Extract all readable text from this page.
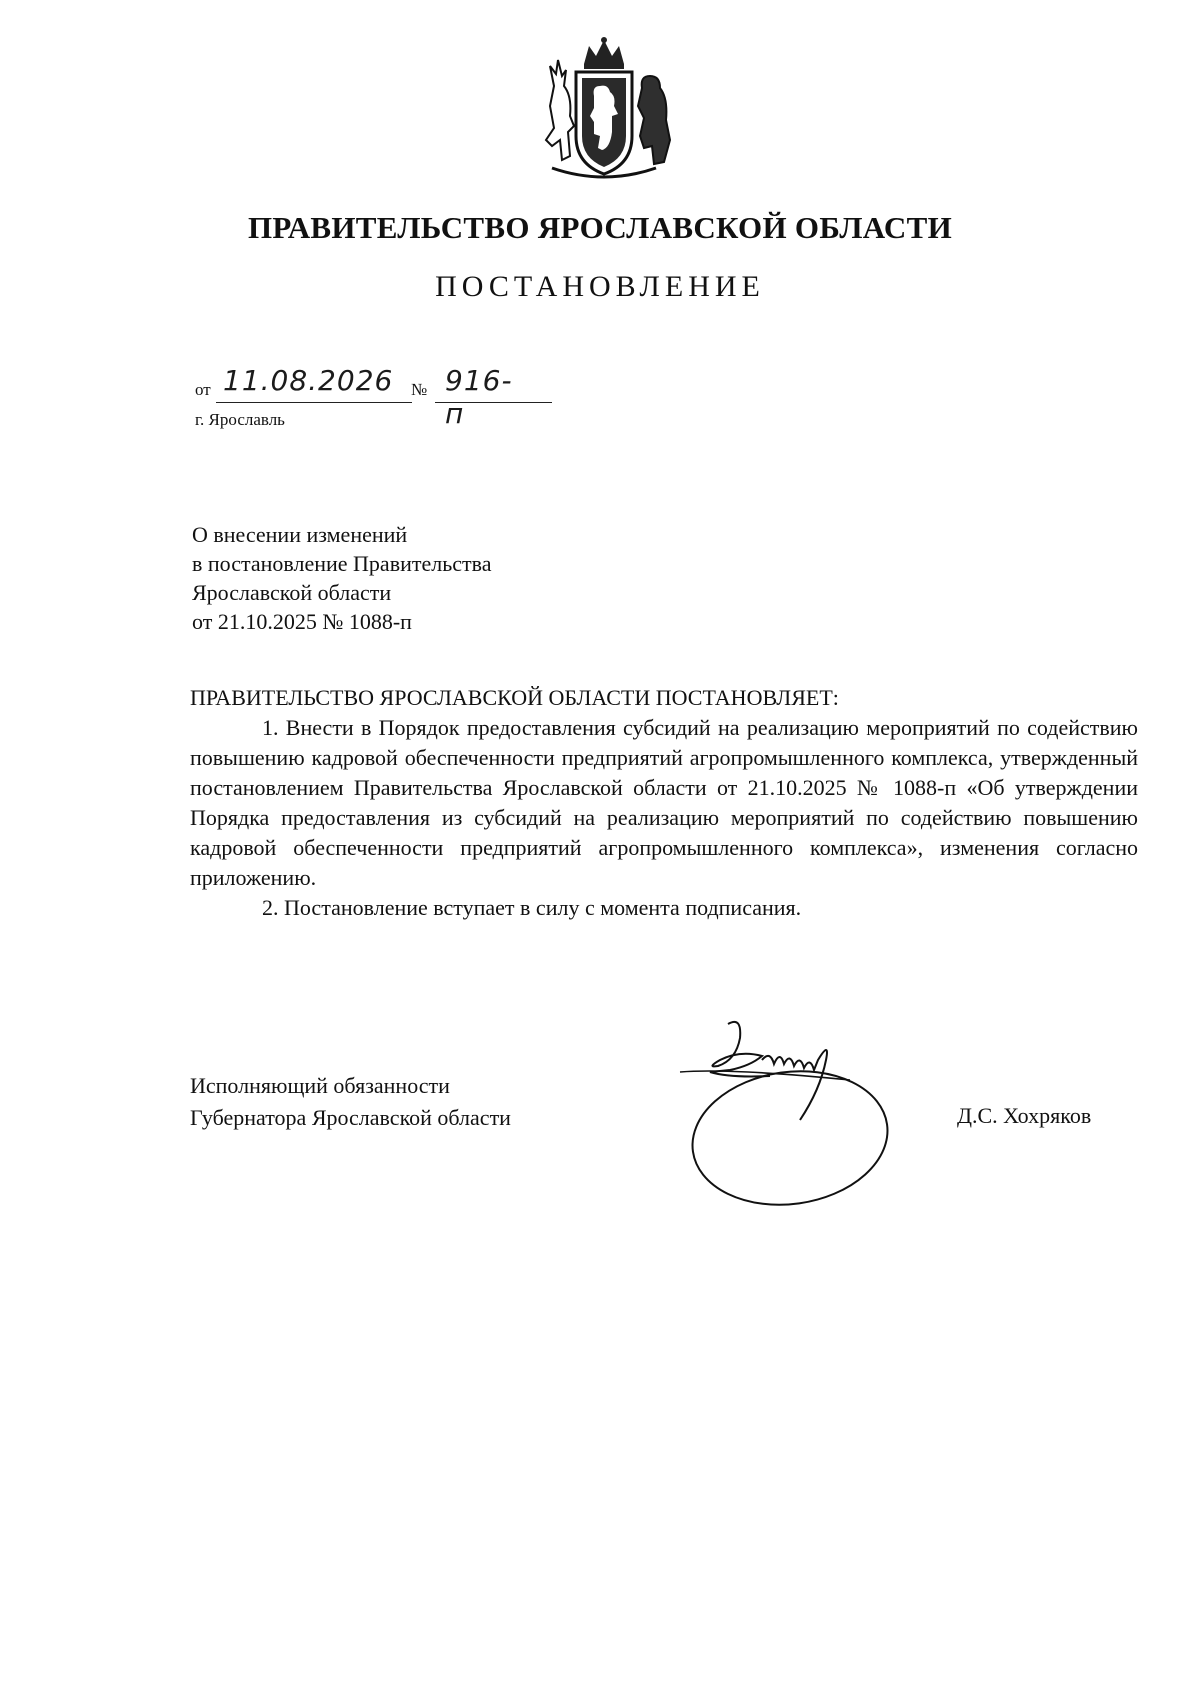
ПРАВИТЕЛЬСТВО ЯРОСЛАВСКОЙ ОБЛАСТИ
ПОСТАНОВЛЕНИЕ
от 11.08.2026 № 916-п
г. Ярославль
О внесении изменений
в постановление Правительства
Ярославской области
от 21.10.2025 № 1088-п
ПРАВИТЕЛЬСТВО ЯРОСЛАВСКОЙ ОБЛАСТИ ПОСТАНОВЛЯЕТ:
1. Внести в Порядок предоставления субсидий на реализацию мероприятий по содействию повышению кадровой обеспеченности предприятий агропромышленного комплекса, утвержденный постановлением Правительства Ярославской области от 21.10.2025 № 1088-п «Об утверждении Порядка предоставления из субсидий на реализацию мероприятий по содействию повышению кадровой обеспеченности предприятий агропромышленного комплекса», изменения согласно приложению.
2. Постановление вступает в силу с момента подписания.
Исполняющий обязанности
Губернатора Ярославской области	Д.С. Хохряков
